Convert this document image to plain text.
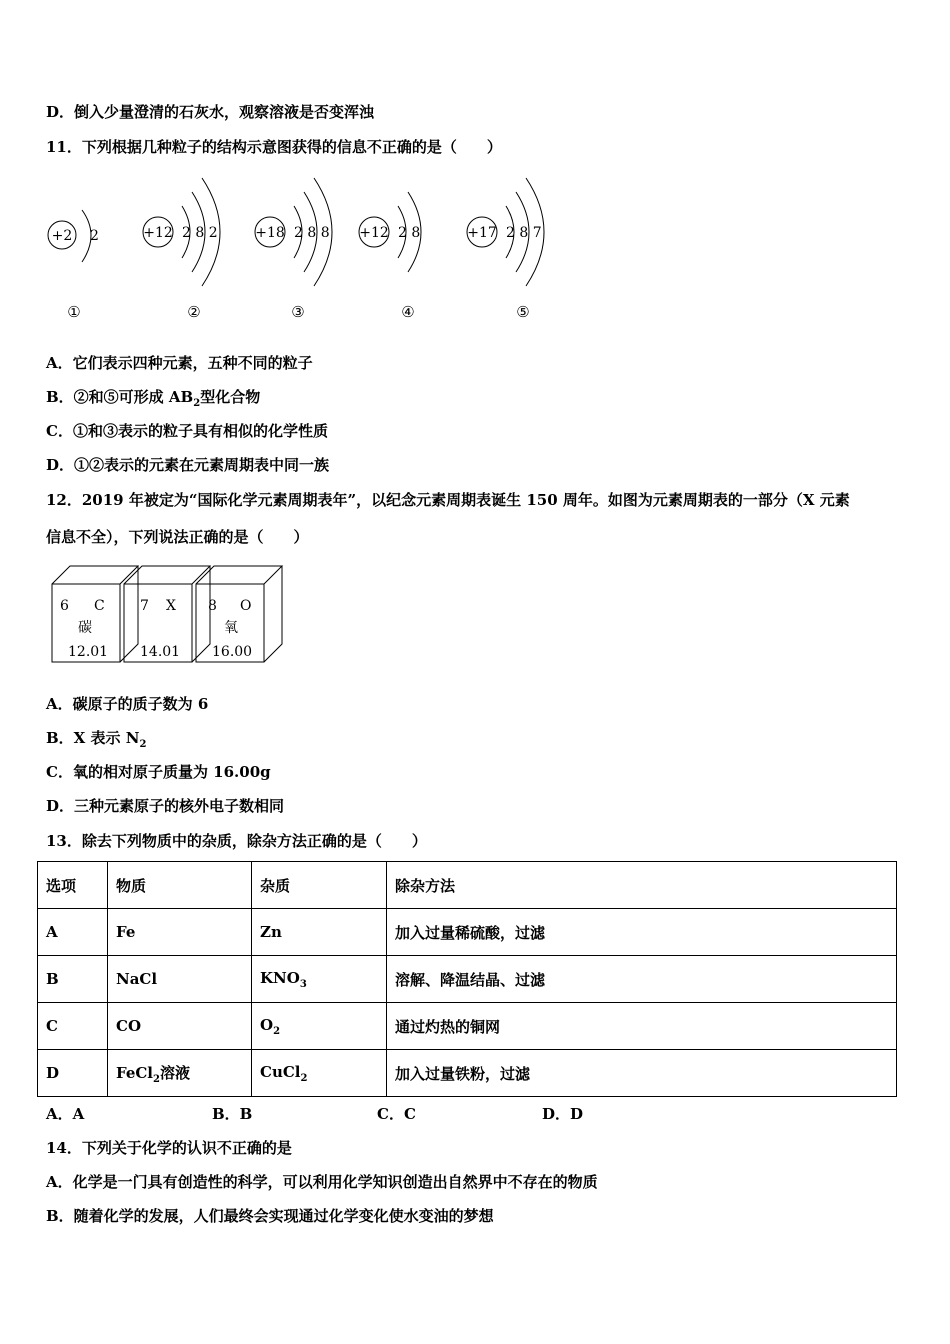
D．倒入少量澄清的石灰水，观察溶液是否变浑浊
11．下列根据几种粒子的结构示意图获得的信息不正确的是（　　）
+2 2	+12 2 8 2	+18 2 8 8 +12 2 8	+17 2 8 7
①	②	③	④	⑤
A．它们表示四种元素，五种不同的粒子
B．②和⑤可形成 $AB_2$型化合物
C．①和③表示的粒子具有相似的化学性质
D．①②表示的元素在元素周期表中同一族
12．2019 年被定为“国际化学元素周期表年”，以纪念元素周期表诞生 150 周年。如图为元素周期表的一部分（X 元素
信息不全），下列说法正确的是（　　）
6 C
碳
12.01
7 X
14.01
8 O
氧
16.00
A．碳原子的质子数为 6
B．X 表示 $N_2$
C．氧的相对原子质量为 16.00g
D．三种元素原子的核外电子数相同
13．除去下列物质中的杂质，除杂方法正确的是（　　）
选项	物质	杂质	除杂方法
A	Fe	Zn	加入过量稀硫酸，过滤
B	NaCl	$KNO_3$	溶解、降温结晶、过滤
C	CO	$O_2$	通过灼热的铜网
D	FeCl$_2$溶液	CuCl$_2$	加入过量铁粉，过滤
A．A	B．B	C．C	D．D
14．下列关于化学的认识不正确的是
A．化学是一门具有创造性的科学，可以利用化学知识创造出自然界中不存在的物质
B．随着化学的发展，人们最终会实现通过化学变化使水变油的梦想
